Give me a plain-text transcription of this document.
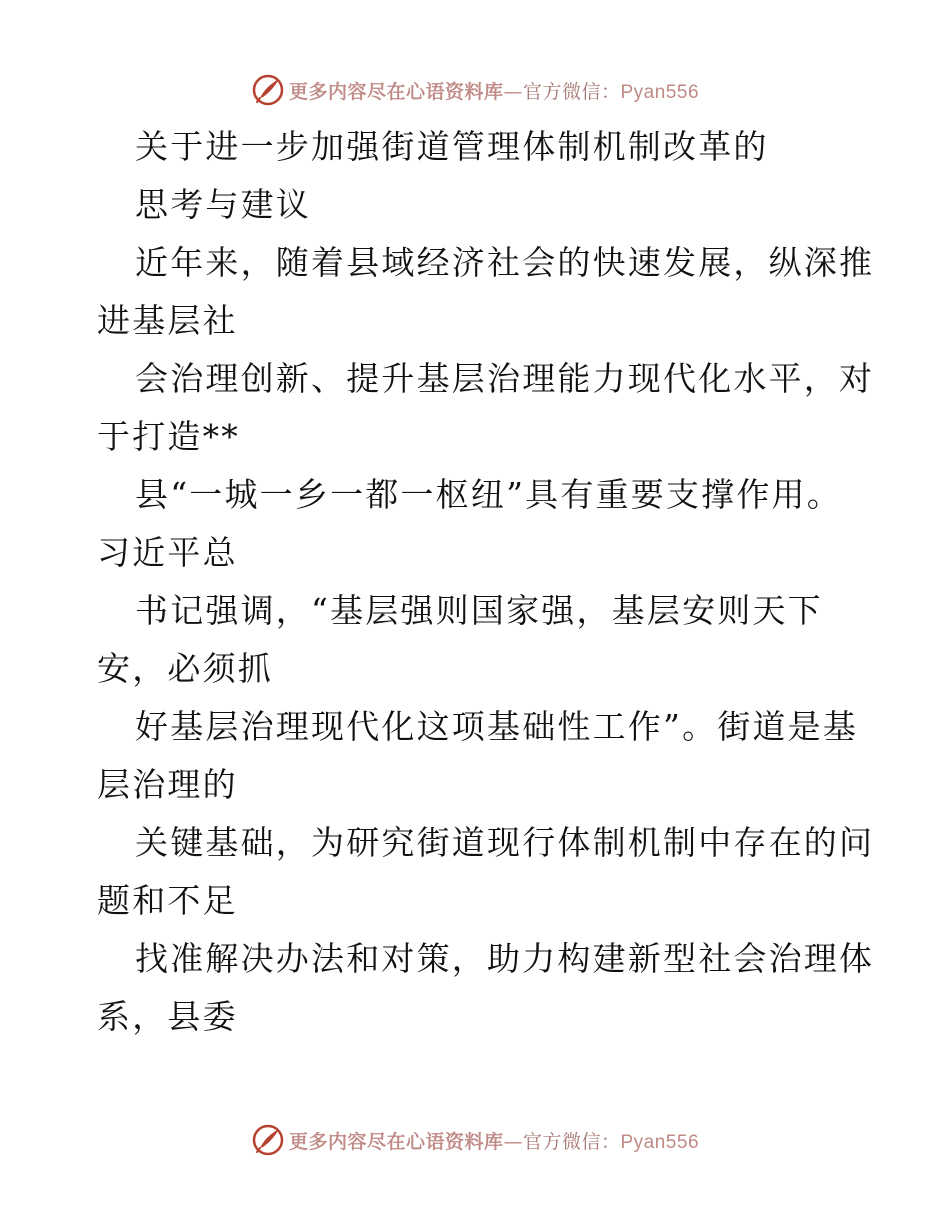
更多内容尽在心语资料库—官方微信：Pyan556
关于进一步加强街道管理体制机制改革的
思考与建议
近年来，随着县域经济社会的快速发展，纵深推
进基层社
会治理创新、提升基层治理能力现代化水平，对
于打造**
县“一城一乡一都一枢纽”具有重要支撑作用。
习近平总
书记强调，“基层强则国家强，基层安则天下
安，必须抓
好基层治理现代化这项基础性工作”。街道是基
层治理的
关键基础，为研究街道现行体制机制中存在的问
题和不足
找准解决办法和对策，助力构建新型社会治理体
系，县委
更多内容尽在心语资料库—官方微信：Pyan556
